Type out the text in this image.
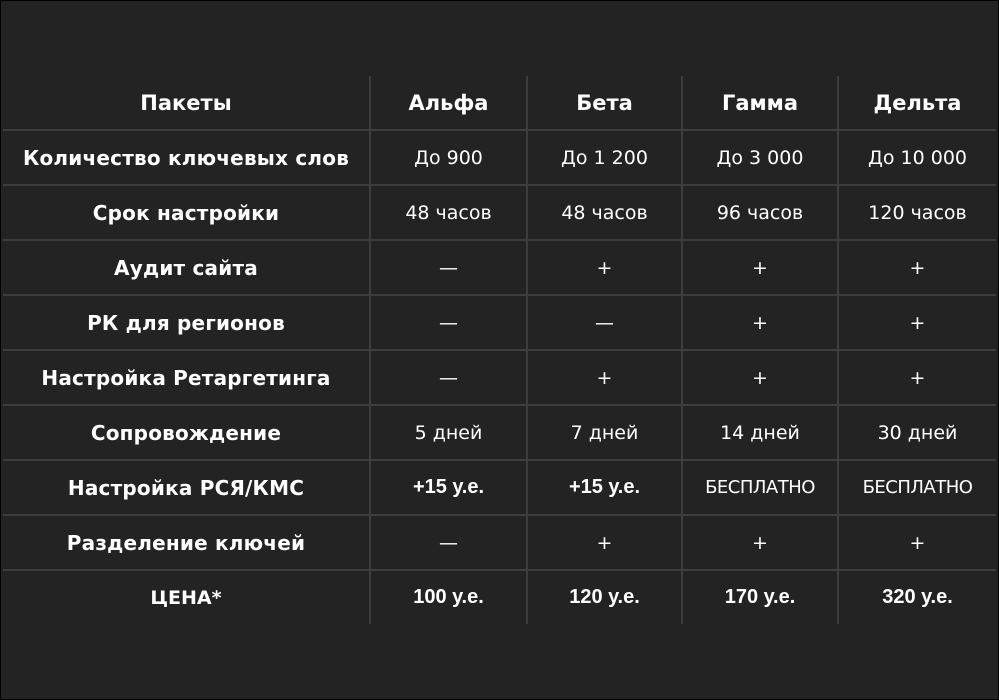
Пакеты	Альфа	Бета	Гамма	Дельта
Количество ключевых слов	До 900	До 1 200	До 3 000	До 10 000
Срок настройки	48 часов	48 часов	96 часов	120 часов
Аудит сайта	—	+	+	+
РК для регионов	—	—	+	+
Настройка Ретаргетинга	—	+	+	+
Сопровождение	5 дней	7 дней	14 дней	30 дней
Настройка РСЯ/КМС	+15 у.е.	+15 у.е.	БЕСПЛАТНО	БЕСПЛАТНО
Разделение ключей	—	+	+	+
ЦЕНА*	100 у.е.	120 у.е.	170 у.е.	320 у.е.
